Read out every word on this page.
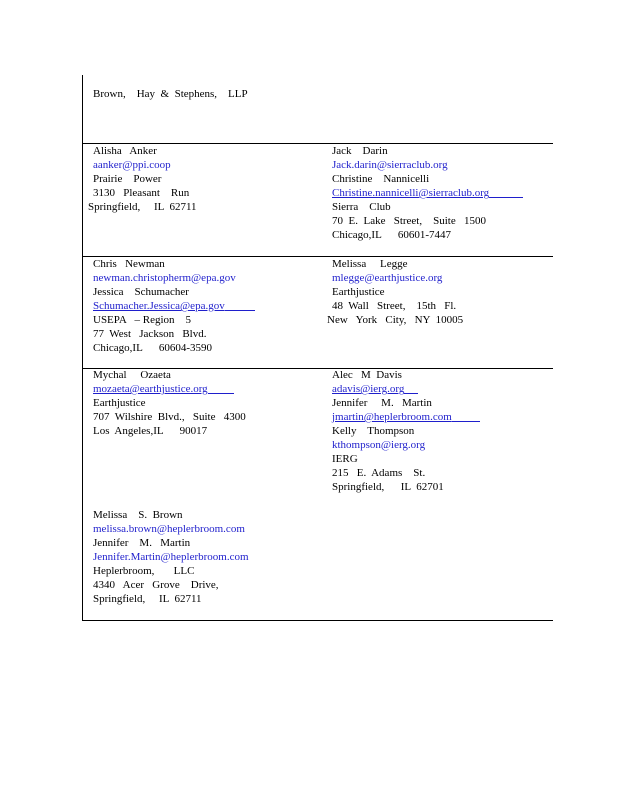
Brown,    Hay  &  Stephens,    LLP
Alisha   Anker
aanker@ppi.coop
Prairie    Power
3130   Pleasant    Run
Springfield,     IL  62711
Jack    Darin
Jack.darin@sierraclub.org
Christine    Nannicelli
Christine.nannicelli@sierraclub.org
Sierra    Club
70  E.  Lake   Street,    Suite   1500
Chicago,IL      60601-7447
Chris   Newman
newman.christopherm@epa.gov
Jessica    Schumacher
Schumacher.Jessica@epa.gov
USEPA   – Region    5
77  West   Jackson   Blvd.
Chicago,IL      60604-3590
Melissa     Legge
mlegge@earthjustice.org
Earthjustice
48  Wall   Street,    15th   Fl.
New   York   City,   NY  10005
Mychal     Ozaeta
mozaeta@earthjustice.org
Earthjustice
707  Wilshire  Blvd.,   Suite   4300
Los  Angeles,IL      90017
Alec   M  Davis
adavis@ierg.org
Jennifer     M.   Martin
jmartin@heplerbroom.com
Kelly    Thompson
kthompson@ierg.org
IERG
215   E.  Adams    St.
Springfield,      IL  62701
Melissa    S.  Brown
melissa.brown@heplerbroom.com
Jennifer    M.   Martin
Jennifer.Martin@heplerbroom.com
Heplerbroom,       LLC
4340   Acer   Grove    Drive,
Springfield,     IL  62711
